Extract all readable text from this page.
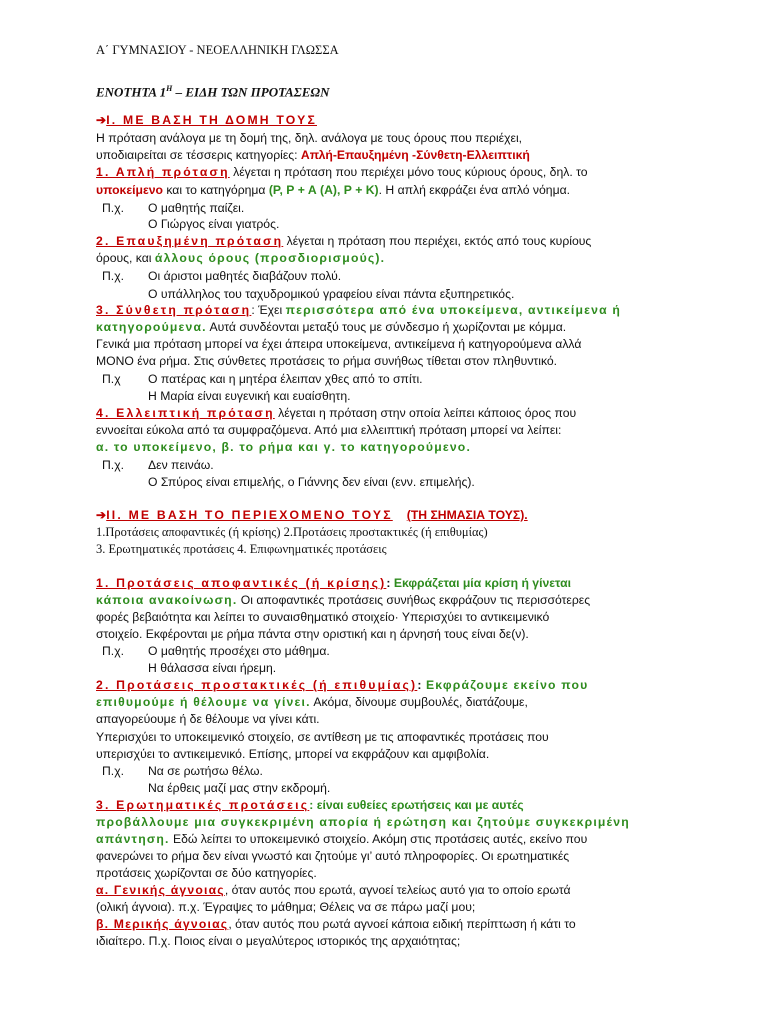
Α΄ ΓΥΜΝΑΣΙΟΥ - ΝΕΟΕΛΛΗΝΙΚΗ ΓΛΩΣΣΑ
ΕΝΟΤΗΤΑ $1^H$ – ΕΙΔΗ ΤΩΝ ΠΡΟΤΑΣΕΩΝ
➔Ι. ΜΕ ΒΑΣΗ ΤΗ ΔΟΜΗ ΤΟΥΣ
Η πρόταση ανάλογα με τη δομή της, δηλ. ανάλογα με τους όρους που περιέχει,
υποδιαιρείται σε τέσσερις κατηγορίες: Απλή-Επαυξημένη -Σύνθετη-Ελλειπτική
1. Απλή πρόταση λέγεται η πρόταση που περιέχει μόνο τους κύριους όρους, δηλ. το
υποκείμενο και το κατηγόρημα (Ρ, Ρ + Α (Α), Ρ + Κ). Η απλή εκφράζει ένα απλό νόημα.
Π.χ. Ο μαθητής παίζει.
Ο Γιώργος είναι γιατρός.
2. Επαυξημένη πρόταση λέγεται η πρόταση που περιέχει, εκτός από τους κυρίους
όρους, και άλλους όρους (προσδιορισμούς).
Π.χ. Οι άριστοι μαθητές διαβάζουν πολύ.
Ο υπάλληλος του ταχυδρομικού γραφείου είναι πάντα εξυπηρετικός.
3. Σύνθετη πρόταση: Έχει περισσότερα από ένα υποκείμενα, αντικείμενα ή
κατηγορούμενα. Αυτά συνδέονται μεταξύ τους με σύνδεσμο ή χωρίζονται με κόμμα.
Γενικά μια πρόταση μπορεί να έχει άπειρα υποκείμενα, αντικείμενα ή κατηγορούμενα αλλά
ΜΟΝΟ ένα ρήμα. Στις σύνθετες προτάσεις το ρήμα συνήθως τίθεται στον πληθυντικό.
Π.χ Ο πατέρας και η μητέρα έλειπαν χθες από το σπίτι.
Η Μαρία είναι ευγενική και ευαίσθητη.
4. Ελλειπτική πρόταση λέγεται η πρόταση στην οποία λείπει κάποιος όρος που
εννοείται εύκολα από τα συμφραζόμενα. Από μια ελλειπτική πρόταση μπορεί να λείπει:
α. το υποκείμενο, β. το ρήμα και γ. το κατηγορούμενο.
Π.χ. Δεν πεινάω.
Ο Σπύρος είναι επιμελής, ο Γιάννης δεν είναι (ενν. επιμελής).
➔ΙΙ. ΜΕ ΒΑΣΗ ΤΟ ΠΕΡΙΕΧΟΜΕΝΟ ΤΟΥΣ (ΤΗ ΣΗΜΑΣΙΑ ΤΟΥΣ).
1.Προτάσεις αποφαντικές (ή κρίσης) 2.Προτάσεις προστακτικές (ή επιθυμίας)
3. Ερωτηματικές προτάσεις 4. Επιφωνηματικές προτάσεις
1. Προτάσεις αποφαντικές (ή κρίσης): Εκφράζεται μία κρίση ή γίνεται
κάποια ανακοίνωση. Οι αποφαντικές προτάσεις συνήθως εκφράζουν τις περισσότερες
φορές βεβαιότητα και λείπει το συναισθηματικό στοιχείο· Υπερισχύει το αντικειμενικό
στοιχείο. Εκφέρονται με ρήμα πάντα στην οριστική και η άρνησή τους είναι δε(ν).
Π.χ. Ο μαθητής προσέχει στο μάθημα.
Η θάλασσα είναι ήρεμη.
2. Προτάσεις προστακτικές (ή επιθυμίας): Εκφράζουμε εκείνο που
επιθυμούμε ή θέλουμε να γίνει. Ακόμα, δίνουμε συμβουλές, διατάζουμε,
απαγορεύουμε ή δε θέλουμε να γίνει κάτι.
Υπερισχύει το υποκειμενικό στοιχείο, σε αντίθεση με τις αποφαντικές προτάσεις που
υπερισχύει το αντικειμενικό. Επίσης, μπορεί να εκφράζουν και αμφιβολία.
Π.χ. Να σε ρωτήσω θέλω.
Να έρθεις μαζί μας στην εκδρομή.
3. Ερωτηματικές προτάσεις: είναι ευθείες ερωτήσεις και με αυτές
προβάλλουμε μια συγκεκριμένη απορία ή ερώτηση και ζητούμε συγκεκριμένη
απάντηση. Εδώ λείπει το υποκειμενικό στοιχείο. Ακόμη στις προτάσεις αυτές, εκείνο που
φανερώνει το ρήμα δεν είναι γνωστό και ζητούμε γι’ αυτό πληροφορίες. Οι ερωτηματικές
προτάσεις χωρίζονται σε δύο κατηγορίες.
α. Γενικής άγνοιας, όταν αυτός που ερωτά, αγνοεί τελείως αυτό για το οποίο ερωτά
(ολική άγνοια). π.χ. Έγραψες το μάθημα; Θέλεις να σε πάρω μαζί μου;
β. Μερικής άγνοιας, όταν αυτός που ρωτά αγνοεί κάποια ειδική περίπτωση ή κάτι το
ιδιαίτερο. Π.χ. Ποιος είναι ο μεγαλύτερος ιστορικός της αρχαιότητας;
